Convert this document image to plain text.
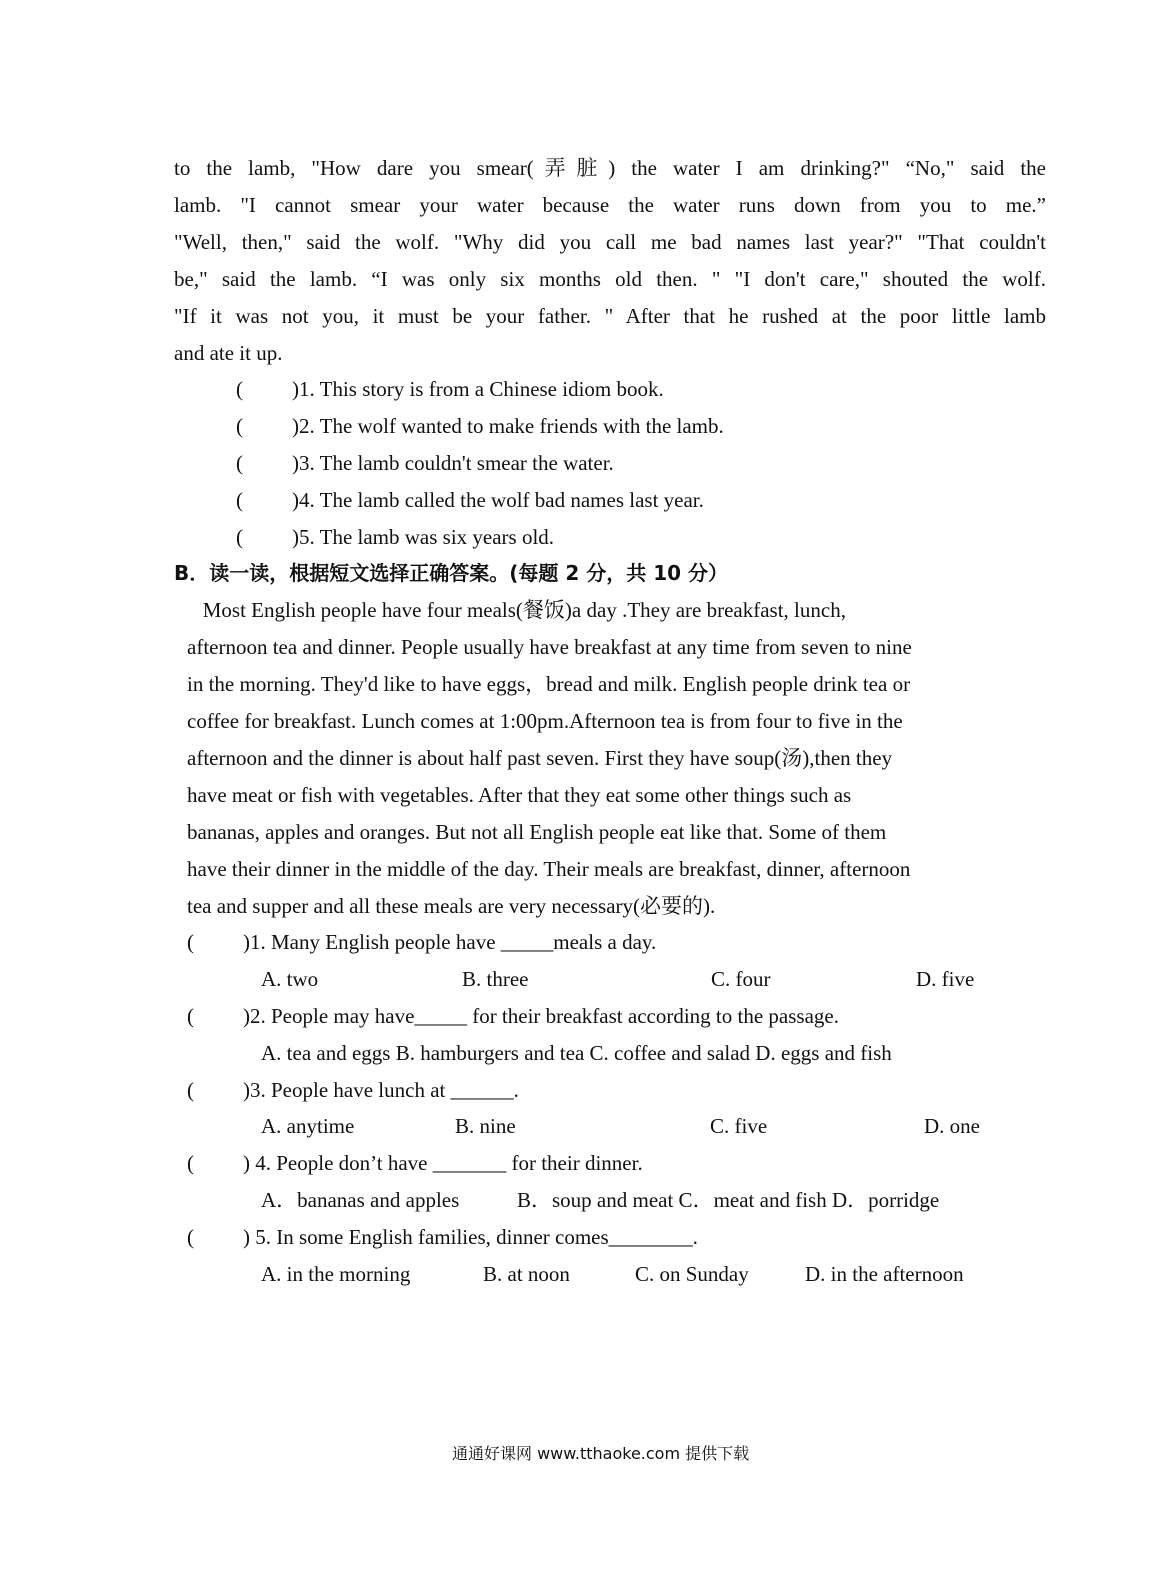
to the lamb, "How dare you smear(弄脏) the water I am drinking?" “No," said the
lamb. "I cannot smear your water because the water runs down from you to me.”
"Well, then," said the wolf. "Why did you call me bad names last year?" "That couldn't
be," said the lamb. “I was only six months old then. " "I don't care," shouted the wolf.
"If it was not you, it must be your father. " After that he rushed at the poor little lamb
and ate it up.
( )1. This story is from a Chinese idiom book.
( )2. The wolf wanted to make friends with the lamb.
( )3. The lamb couldn't smear the water.
( )4. The lamb called the wolf bad names last year.
( )5. The lamb was six years old.
B．读一读，根据短文选择正确答案。(每题 2 分，共 10 分）
Most English people have four meals(餐饭)a day .They are breakfast, lunch,
afternoon tea and dinner. People usually have breakfast at any time from seven to nine
in the morning. They'd like to have eggs，bread and milk. English people drink tea or
coffee for breakfast. Lunch comes at 1:00pm.Afternoon tea is from four to five in the
afternoon and the dinner is about half past seven. First they have soup(汤),then they
have meat or fish with vegetables. After that they eat some other things such as
bananas, apples and oranges. But not all English people eat like that. Some of them
have their dinner in the middle of the day. Their meals are breakfast, dinner, afternoon
tea and supper and all these meals are very necessary(必要的).
( )1. Many English people have _____meals a day.
A. two	B. three	C. four	D. five
( )2. People may have_____ for their breakfast according to the passage.
A. tea and eggs B. hamburgers and tea C. coffee and salad D. eggs and fish
( )3. People have lunch at ______.
A. anytime	B. nine	C. five	D. one
( ) 4. People don’t have _______ for their dinner.
A．bananas and apples	B．soup and meat C．meat and fish D．porridge
( ) 5. In some English families, dinner comes________.
A. in the morning	B. at noon	C. on Sunday	D. in the afternoon
通通好课网 www.tthaoke.com 提供下载
